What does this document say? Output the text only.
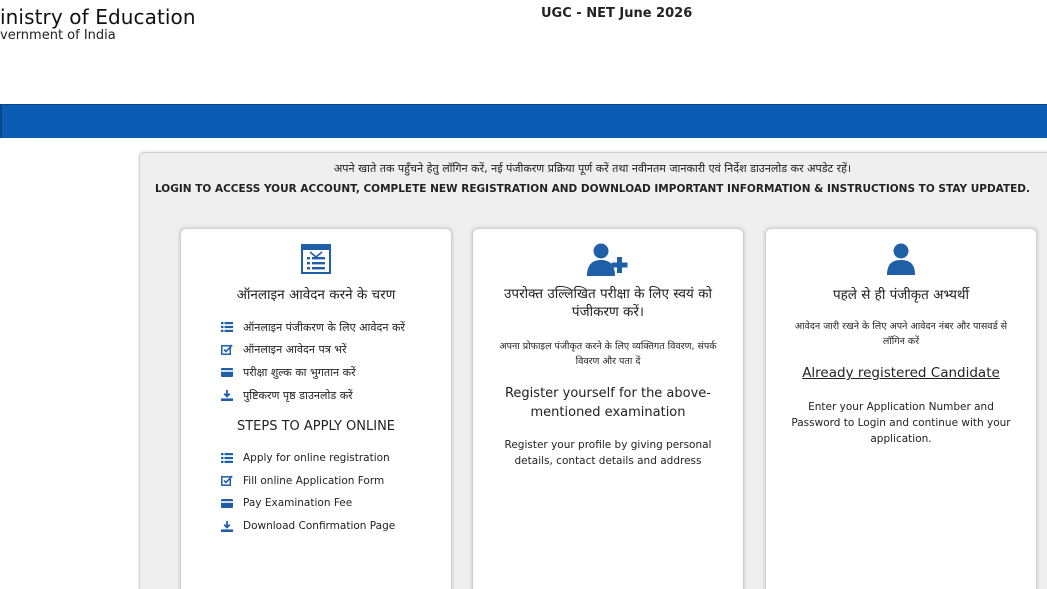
inistry of Education
vernment of India
UGC - NET June 2026
अपने खाते तक पहुँचने हेतु लॉगिन करें, नई पंजीकरण प्रक्रिया पूर्ण करें तथा नवीनतम जानकारी एवं निर्देश डाउनलोड कर अपडेट रहें।
LOGIN TO ACCESS YOUR ACCOUNT, COMPLETE NEW REGISTRATION AND DOWNLOAD IMPORTANT INFORMATION & INSTRUCTIONS TO STAY UPDATED.
ऑनलाइन आवेदन करने के चरण
ऑनलाइन पंजीकरण के लिए आवेदन करें
ऑनलाइन आवेदन पत्र भरें
परीक्षा शुल्क का भुगतान करें
पुष्टिकरण पृष्ठ डाउनलोड करें
STEPS TO APPLY ONLINE
Apply for online registration
Fill online Application Form
Pay Examination Fee
Download Confirmation Page
उपरोक्त उल्लिखित परीक्षा के लिए स्वयं को पंजीकरण करें।
अपना प्रोफाइल पंजीकृत करने के लिए व्यक्तिगत विवरण, संपर्क विवरण और पता दें
Register yourself for the above-mentioned examination
Register your profile by giving personal details, contact details and address
पहले से ही पंजीकृत अभ्यर्थी
आवेदन जारी रखने के लिए अपने आवेदन नंबर और पासवर्ड से लॉगिन करें
Already registered Candidate
Enter your Application Number and Password to Login and continue with your application.
